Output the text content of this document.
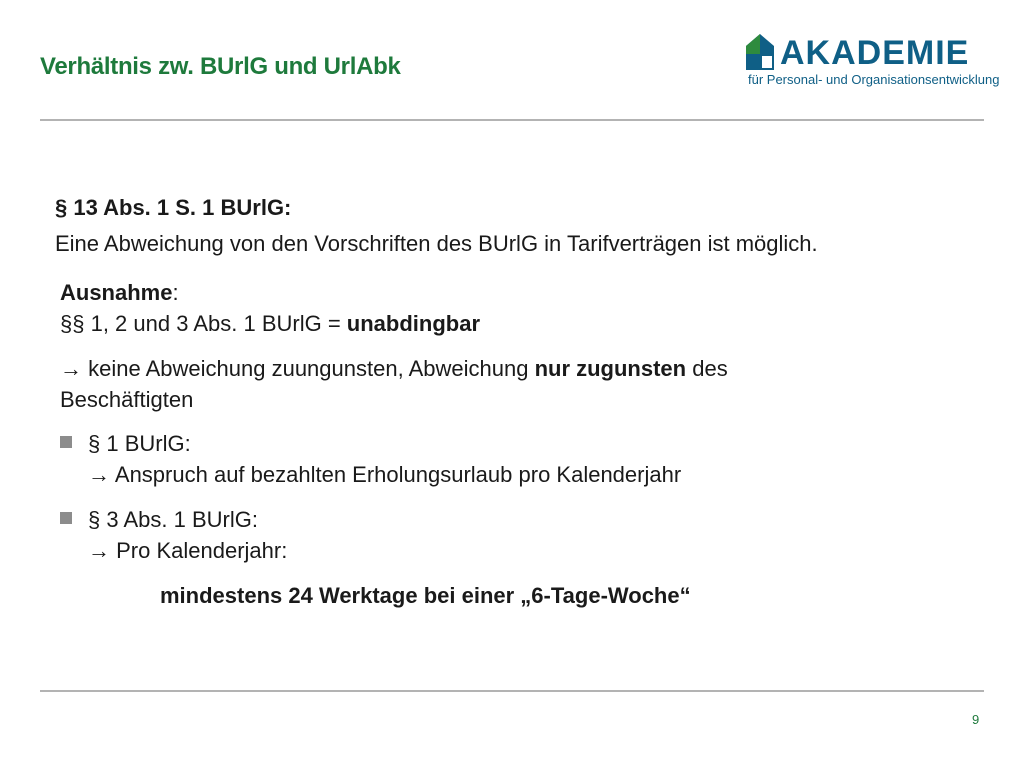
Verhältnis zw. BUrlG und UrlAbk	AKADEMIE
für Personal- und Organisationsentwicklung
§ 13 Abs. 1 S. 1 BUrlG:
Eine Abweichung von den Vorschriften des BUrlG in Tarifverträgen ist möglich.
Ausnahme:
§§ 1, 2 und 3 Abs. 1 BUrlG = unabdingbar
→ keine Abweichung zuungunsten, Abweichung nur zugunsten des
Beschäftigten
§ 1 BUrlG:
→ Anspruch auf bezahlten Erholungsurlaub pro Kalenderjahr
§ 3 Abs. 1 BUrlG:
→ Pro Kalenderjahr:
mindestens 24 Werktage bei einer „6-Tage-Woche“
9
